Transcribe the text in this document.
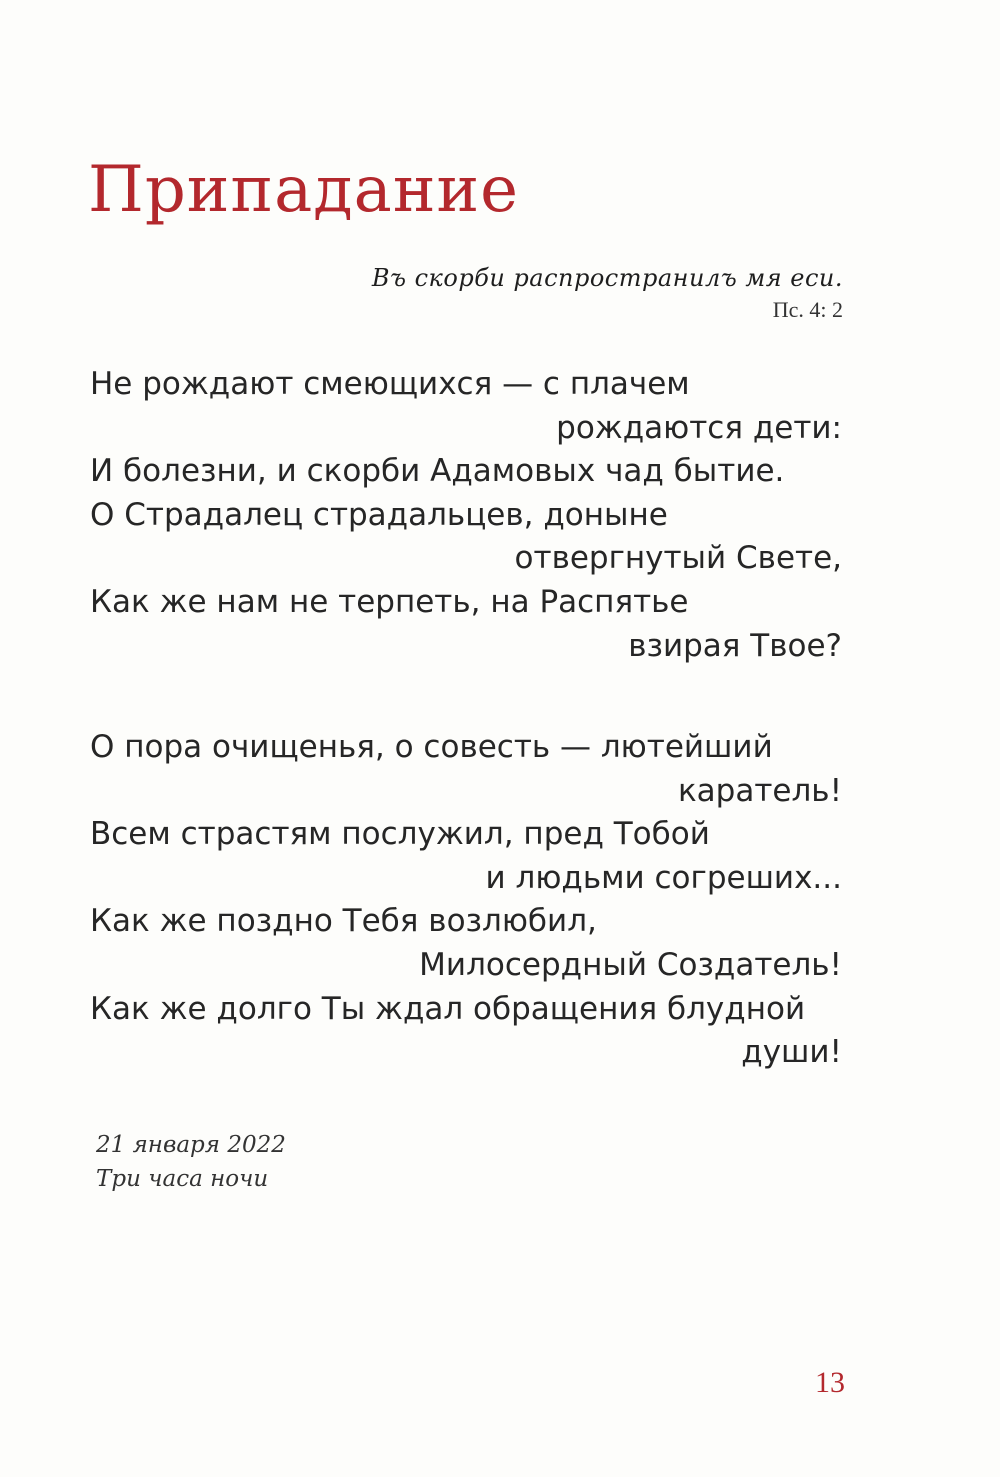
Припадание
Въ скорби распространилъ мя еси.
Пс. 4: 2
Не рождают смеющихся — с плачем
рождаются дети:
И болезни, и скорби Адамовых чад бытие.
О Страдалец страдальцев, доныне
отвергнутый Свете,
Как же нам не терпеть, на Распятье
взирая Твое?
О пора очищенья, о совесть — лютейший
каратель!
Всем страстям послужил, пред Тобой
и людьми согреших...
Как же поздно Тебя возлюбил,
Милосердный Создатель!
Как же долго Ты ждал обращения блудной
души!
21 января 2022
Три часа ночи
13
